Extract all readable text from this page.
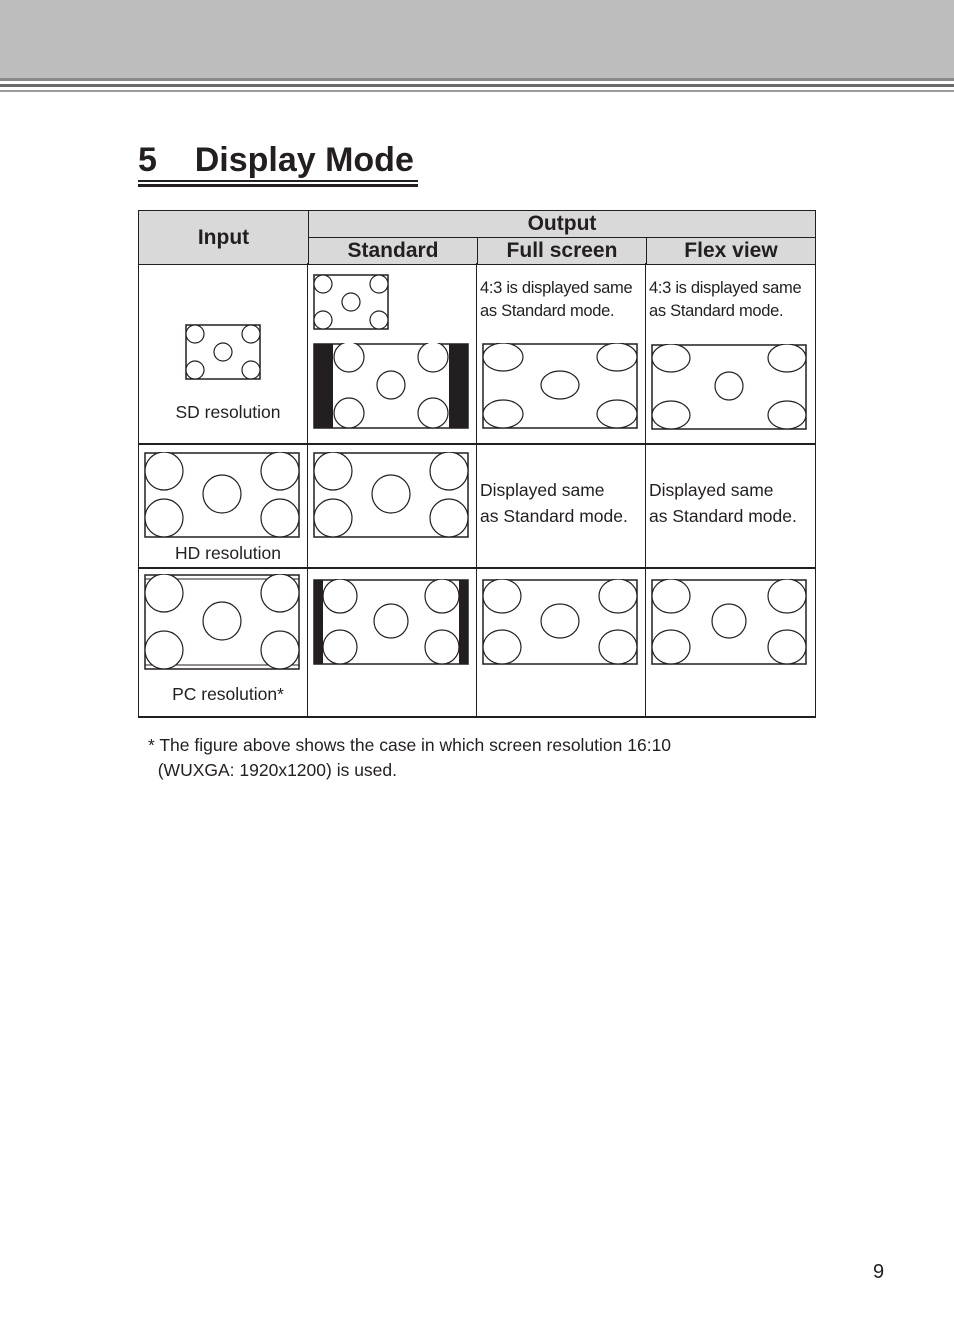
5    Display Mode
Input
Output
Standard	Full screen	Flex view
SD resolution
4:3 is displayed same
as Standard mode.
4:3 is displayed same
as Standard mode.
HD resolution
Displayed same
as Standard mode.
Displayed same
as Standard mode.
PC resolution*
* The figure above shows the case in which screen resolution 16:10
(WUXGA: 1920x1200) is used.
9
